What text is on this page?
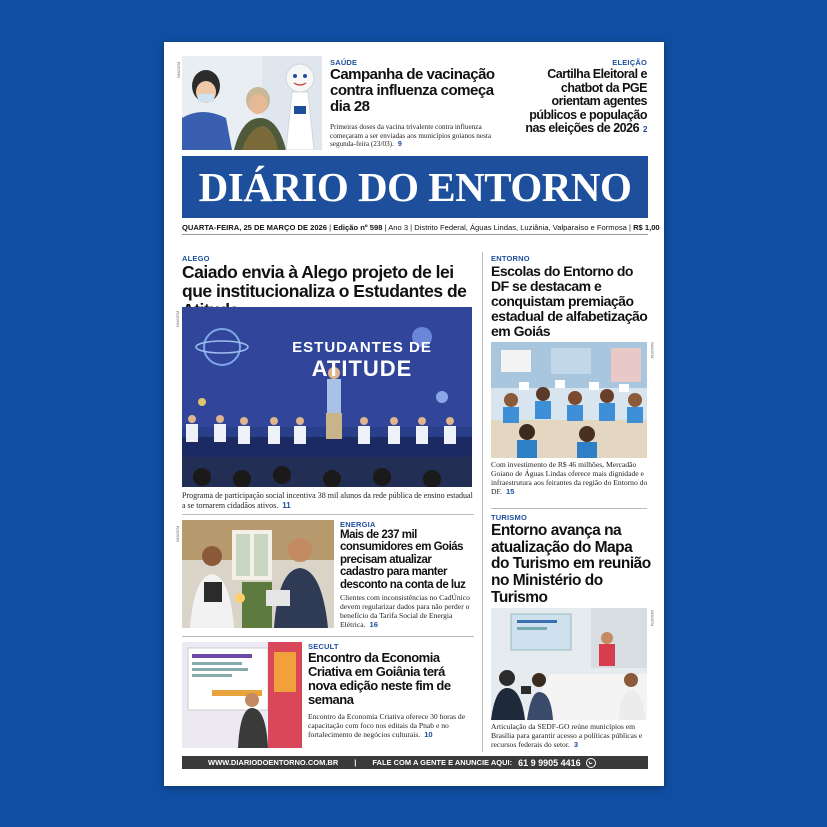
IMAGEM	SAÚDE
Campanha de vacinação contra influenza começa dia 28
Primeiras doses da vacina trivalente contra influenza começaram a ser enviadas aos municípios goianos nesta segunda-feira (23/03). 9
ELEIÇÃO
Cartilha Eleitoral e chatbot da PGE orientam agentes públicos e população nas eleições de 2026 2
DIÁRIO DO ENTORNO
QUARTA-FEIRA, 25 DE MARÇO DE 2026 | Edição nº 598 | Ano 3 | Distrito Federal, Águas Lindas, Luziânia, Valparaíso e Formosa | R$ 1,00
ALEGO
Caiado envia à Alego projeto de lei que institucionaliza o Estudantes de
ESTUDANTES DE
ATITUDE
IMAGEM
Programa de participação social incentiva 38 mil alunos da rede pública de ensino estadual a se tornarem cidadãos ativos. 11
IMAGEM
ENERGIA
Mais de 237 mil consumidores em Goiás precisam atualizar cadastro para manter desconto na conta de luz
Clientes com inconsistências no CadÚnico devem regularizar dados para não perder o benefício da Tarifa Social de Energia Elétrica. 16
SECULT
Encontro da Economia Criativa em Goiânia terá nova edição neste fim de semana
Encontro da Economia Criativa oferece 30 horas de capacitação com foco nos editais da Pnab e no fortalecimento de negócios culturais. 10
ENTORNO
Escolas do Entorno do DF se destacam e conquistam premiação estadual de alfabetização em Goiás
IMAGEM
Com investimento de R$ 46 milhões, Mercadão Goiano de Águas Lindas oferece mais dignidade e infraestrutura aos feirantes da região do Entorno do DF. 15
TURISMO
Entorno avança na atualização do Mapa do Turismo em reunião no Ministério do Turismo
IMAGEM
Articulação da SEDF-GO reúne municípios em Brasília para garantir acesso a políticas públicas e recursos federais do setor. 3
WWW.DIARIODOENTORNO.COM.BR | FALE COM A GENTE E ANUNCIE AQUI: 61 9 9905 4416
